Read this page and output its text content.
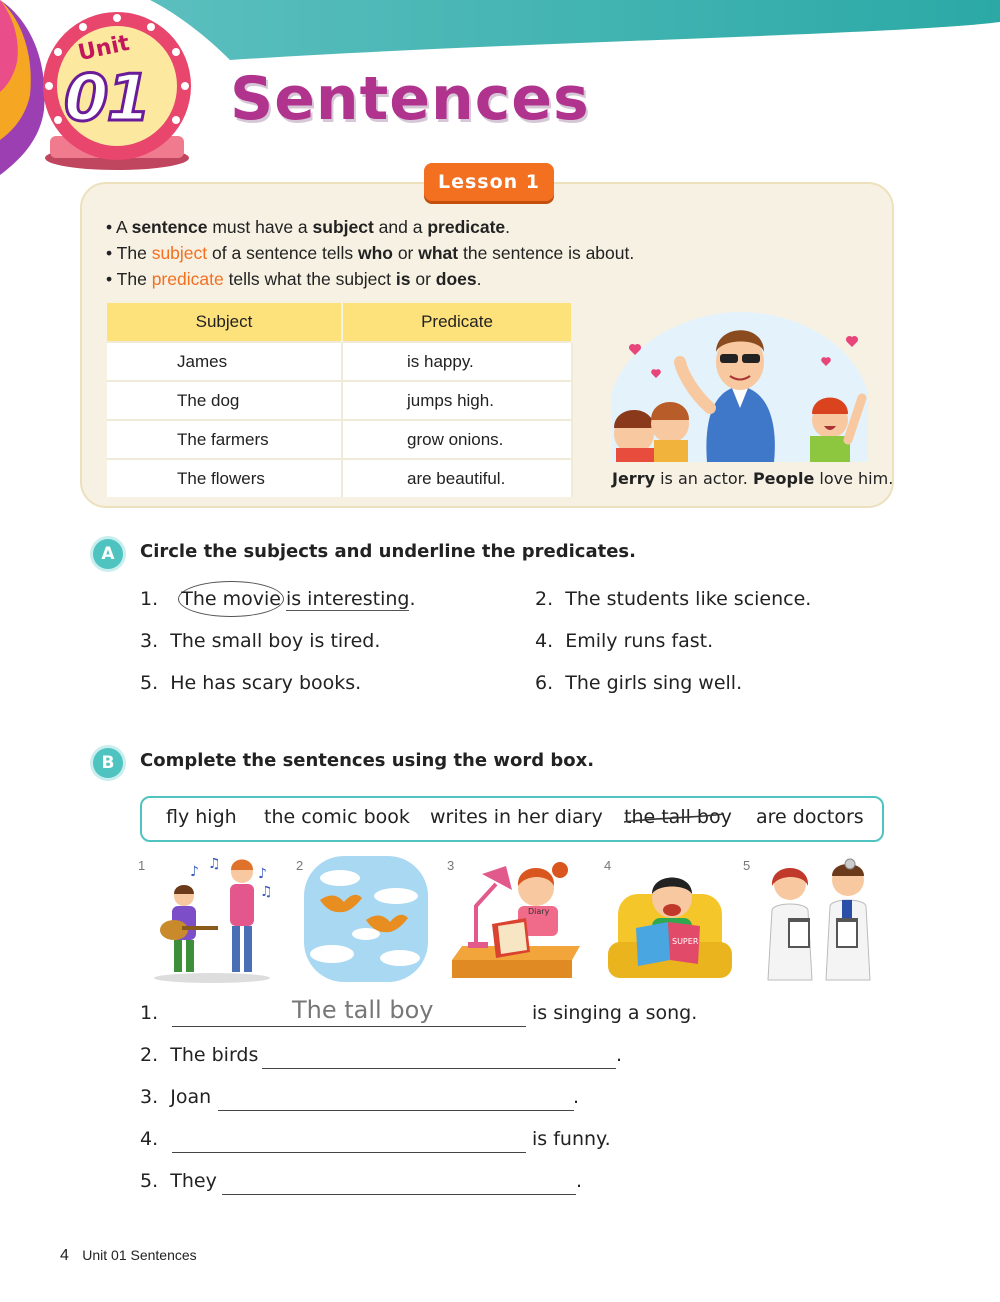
Unit
01 Sentences
Lesson 1
• A sentence must have a subject and a predicate.
• The subject of a sentence tells who or what the sentence is about.
• The predicate tells what the subject is or does.
Subject	Predicate
James	is happy.
The dog	jumps high.
The farmers	grow onions.
The flowers	are beautiful.	Jerry is an actor. People love him.
A	Circle the subjects and underline the predicates.
1. The movie is interesting.	2. The students like science.
3. The small boy is tired.	4. Emily runs fast.
5. He has scary books.	6. The girls sing well.
B	Complete the sentences using the word box.
fly high the comic book writes in her diary the tall boy are doctors
1	2	3	4	5
♪ ♫
♪
♫
Diary
SUPER
1.	The tall boy	is singing a song.
2. The birds	.
3. Joan	.
4.	is funny.
5. They	.
4 Unit 01 Sentences
